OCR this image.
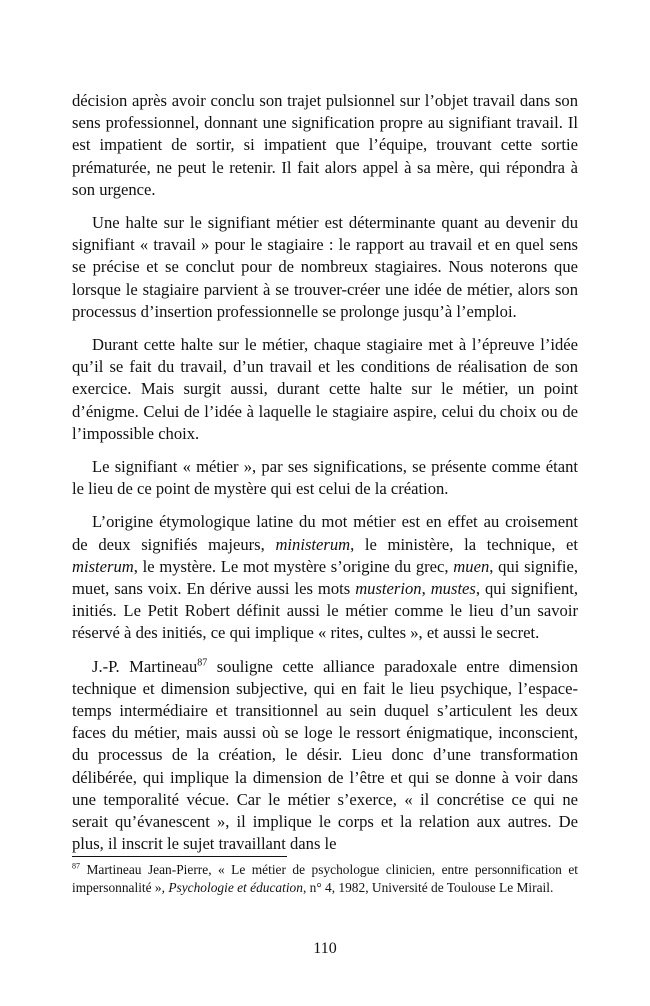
décision après avoir conclu son trajet pulsionnel sur l’objet travail dans son sens professionnel, donnant une signification propre au signifiant travail. Il est impatient de sortir, si impatient que l’équipe, trouvant cette sortie prématurée, ne peut le retenir. Il fait alors appel à sa mère, qui répondra à son urgence.

Une halte sur le signifiant métier est déterminante quant au devenir du signifiant « travail » pour le stagiaire : le rapport au travail et en quel sens se précise et se conclut pour de nombreux stagiaires. Nous noterons que lorsque le stagiaire parvient à se trouver-créer une idée de métier, alors son processus d’insertion professionnelle se prolonge jusqu’à l’emploi.

Durant cette halte sur le métier, chaque stagiaire met à l’épreuve l’idée qu’il se fait du travail, d’un travail et les conditions de réalisation de son exercice. Mais surgit aussi, durant cette halte sur le métier, un point d’énigme. Celui de l’idée à laquelle le stagiaire aspire, celui du choix ou de l’impossible choix.

Le signifiant « métier », par ses significations, se présente comme étant le lieu de ce point de mystère qui est celui de la création.

L’origine étymologique latine du mot métier est en effet au croisement de deux signifiés majeurs, ministerum, le ministère, la technique, et misterum, le mystère. Le mot mystère s’origine du grec, muen, qui signifie, muet, sans voix. En dérive aussi les mots musterion, mustes, qui signifient, initiés. Le Petit Robert définit aussi le métier comme le lieu d’un savoir réservé à des initiés, ce qui implique « rites, cultes », et aussi le secret.

J.-P. Martineau$^{87}$ souligne cette alliance paradoxale entre dimension technique et dimension subjective, qui en fait le lieu psychique, l’espace-temps intermédiaire et transitionnel au sein duquel s’articulent les deux faces du métier, mais aussi où se loge le ressort énigmatique, inconscient, du processus de la création, le désir. Lieu donc d’une transformation délibérée, qui implique la dimension de l’être et qui se donne à voir dans une temporalité vécue. Car le métier s’exerce, « il concrétise ce qui ne serait qu’évanescent », il implique le corps et la relation aux autres. De plus, il inscrit le sujet travaillant dans le

$^{87}$ Martineau Jean-Pierre, « Le métier de psychologue clinicien, entre personnification et impersonnalité », Psychologie et éducation, n° 4, 1982, Université de Toulouse Le Mirail.

110
